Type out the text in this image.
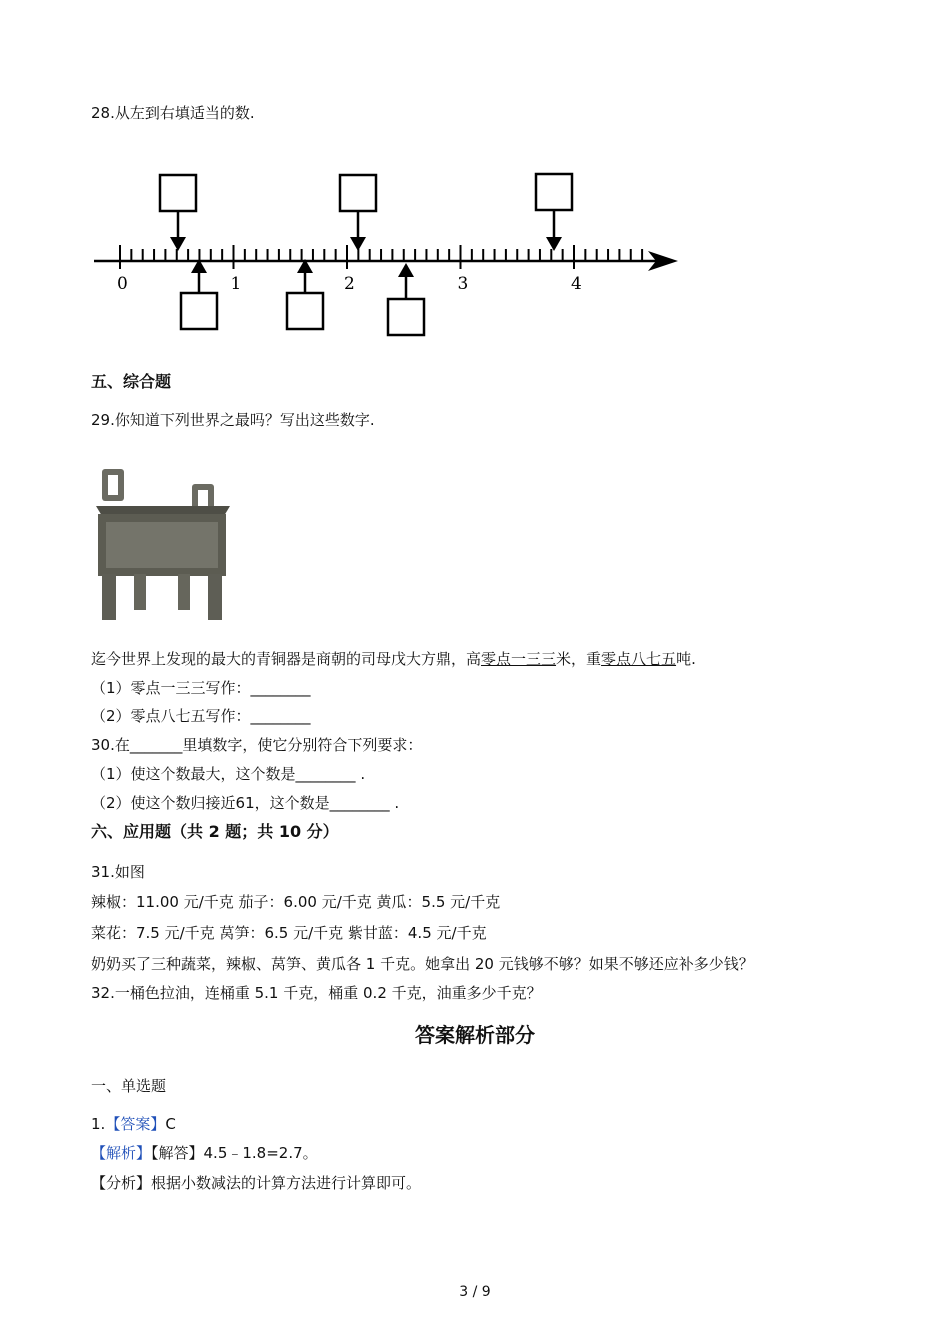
28.从左到右填适当的数.
0	1	2	3	4
五、综合题
29.你知道下列世界之最吗？写出这些数字.
迄今世界上发现的最大的青铜器是商朝的司母戊大方鼎，高零点一三三米，重零点八七五吨.
（1）零点一三三写作：________
（2）零点八七五写作：________
30.在_______里填数字，使它分别符合下列要求：
（1）使这个数最大，这个数是________ .
（2）使这个数归接近61，这个数是________ .
六、应用题（共 2 题；共 10 分）
31.如图
辣椒：11.00 元/千克 茄子：6.00 元/千克 黄瓜：5.5 元/千克
菜花：7.5 元/千克 莴笋：6.5 元/千克 紫甘蓝：4.5 元/千克
奶奶买了三种蔬菜，辣椒、莴笋、黄瓜各 1 千克。她拿出 20 元钱够不够？如果不够还应补多少钱？
32.一桶色拉油，连桶重 5.1 千克，桶重 0.2 千克，油重多少千克？
答案解析部分
一、单选题
1.【答案】C
【解析】【解答】4.5﹣1.8=2.7。
【分析】根据小数减法的计算方法进行计算即可。
3 / 9
